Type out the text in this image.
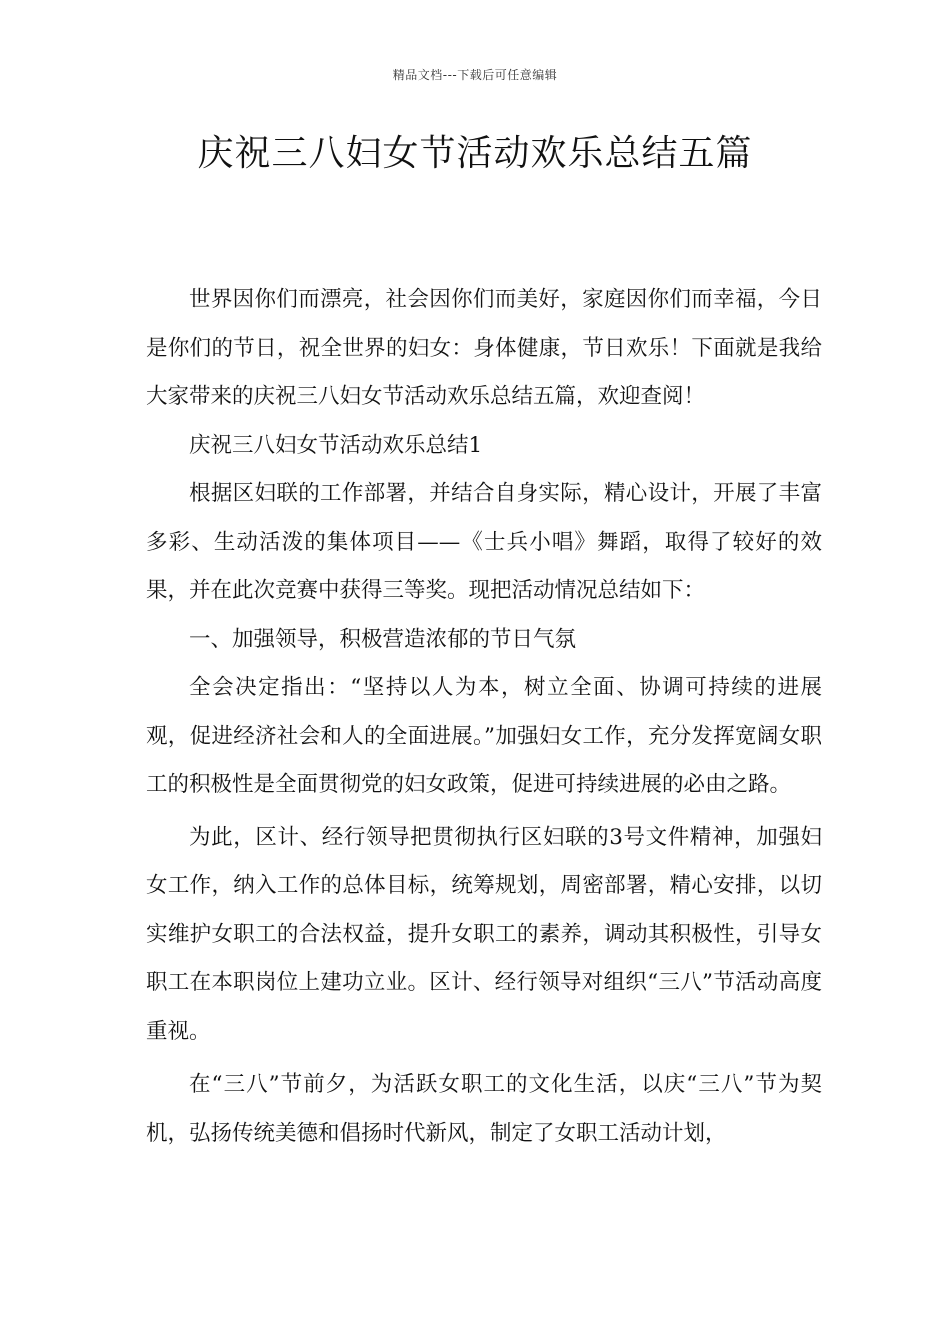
精品文档---下载后可任意编辑
庆祝三八妇女节活动欢乐总结五篇

世界因你们而漂亮，社会因你们而美好，家庭因你们而幸福，今日是你们的节日，祝全世界的妇女：身体健康，节日欢乐！下面就是我给大家带来的庆祝三八妇女节活动欢乐总结五篇，欢迎查阅！

庆祝三八妇女节活动欢乐总结1

根据区妇联的工作部署，并结合自身实际，精心设计，开展了丰富多彩、生动活泼的集体项目——《士兵小唱》舞蹈，取得了较好的效果，并在此次竞赛中获得三等奖。现把活动情况总结如下：

一、加强领导，积极营造浓郁的节日气氛

全会决定指出：“坚持以人为本，树立全面、协调可持续的进展观，促进经济社会和人的全面进展。”加强妇女工作，充分发挥宽阔女职工的积极性是全面贯彻党的妇女政策，促进可持续进展的必由之路。

为此，区计、经行领导把贯彻执行区妇联的3号文件精神，加强妇女工作，纳入工作的总体目标，统筹规划，周密部署，精心安排，以切实维护女职工的合法权益，提升女职工的素养，调动其积极性，引导女职工在本职岗位上建功立业。区计、经行领导对组织“三八”节活动高度重视。

在“三八”节前夕，为活跃女职工的文化生活，以庆“三八”节为契机，弘扬传统美德和倡扬时代新风，制定了女职工活动计划，
